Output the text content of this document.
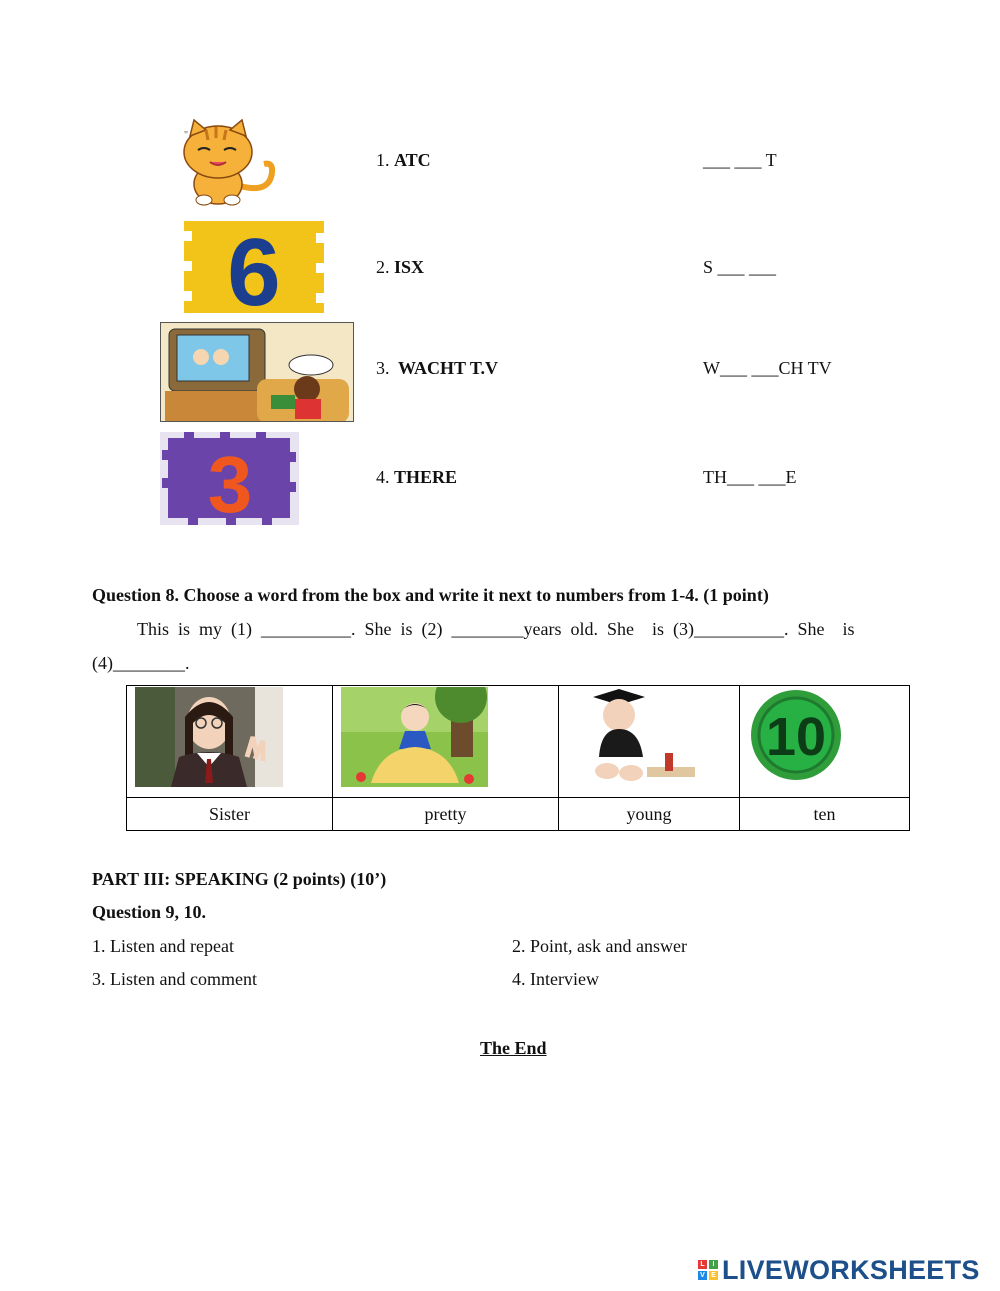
"
1. ATC	___ ___ T
6	2. ISX	S ___ ___
3. WACHT T.V	W___ ___CH TV
3	4. THERE	TH___ ___E
Question 8. Choose a word from the box and write it next to numbers from 1-4. (1 point)
This  is  my  (1)  __________.  She  is  (2)  ________years  old.  She    is  (3)__________.  She    is
(4)________.

10

Sister	pretty	young	ten
PART III: SPEAKING (2 points) (10’)
Question 9, 10.
1. Listen and repeat	2. Point, ask and answer
3. Listen and comment	4. Interview
The End
L	I
V E LIVEWORKSHEETS
